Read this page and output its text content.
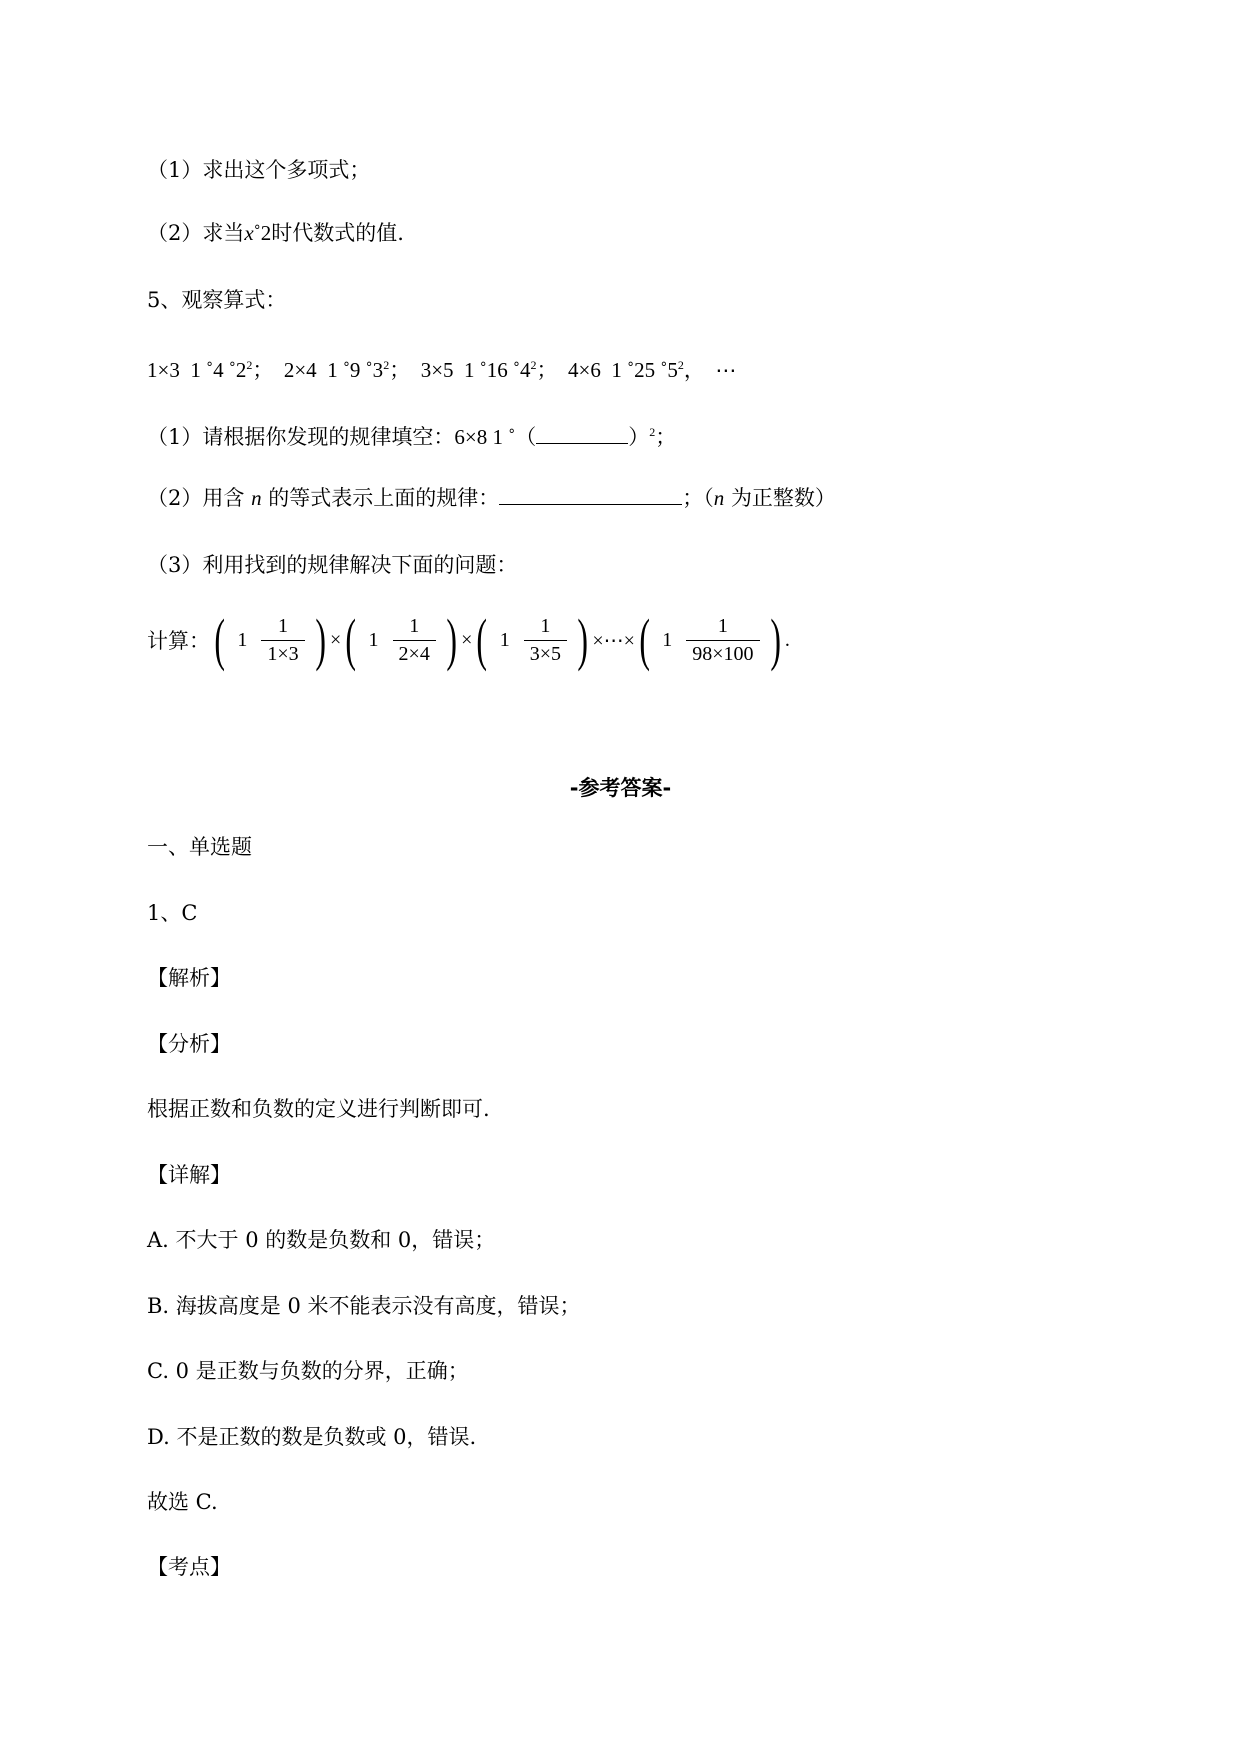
（1）求出这个多项式；
（2）求当x˚2时代数式的值.
5、观察算式：
1×3 1 ˚4 $˚2^2$； 2×4 1 ˚9 $˚3^2$； 3×5 1 ˚16 $˚4^2$； 4×6 1 ˚25 $˚5^2$， ⋯
（1）请根据你发现的规律填空：6×8 1 ˚（	）$^2$；
（2）用含 n 的等式表示上面的规律：	；（n 为正整数）
（3）利用找到的规律解决下面的问题：
计算： ( $1 \frac{1}{1\times 3}$ ) × ( $1 \frac{1}{2\times 4}$ ) × ( $1 \frac{1}{3\times 5}$ ) ×⋯× ( $1 \frac{1}{98\times 100}$ ) .
-参考答案-
一、单选题
1、C
【解析】
【分析】
根据正数和负数的定义进行判断即可.
【详解】
A. 不大于 0 的数是负数和 0，错误；
B. 海拔高度是 0 米不能表示没有高度，错误；
C. 0 是正数与负数的分界，正确；
D. 不是正数的数是负数或 0，错误.
故选 C.
【考点】
